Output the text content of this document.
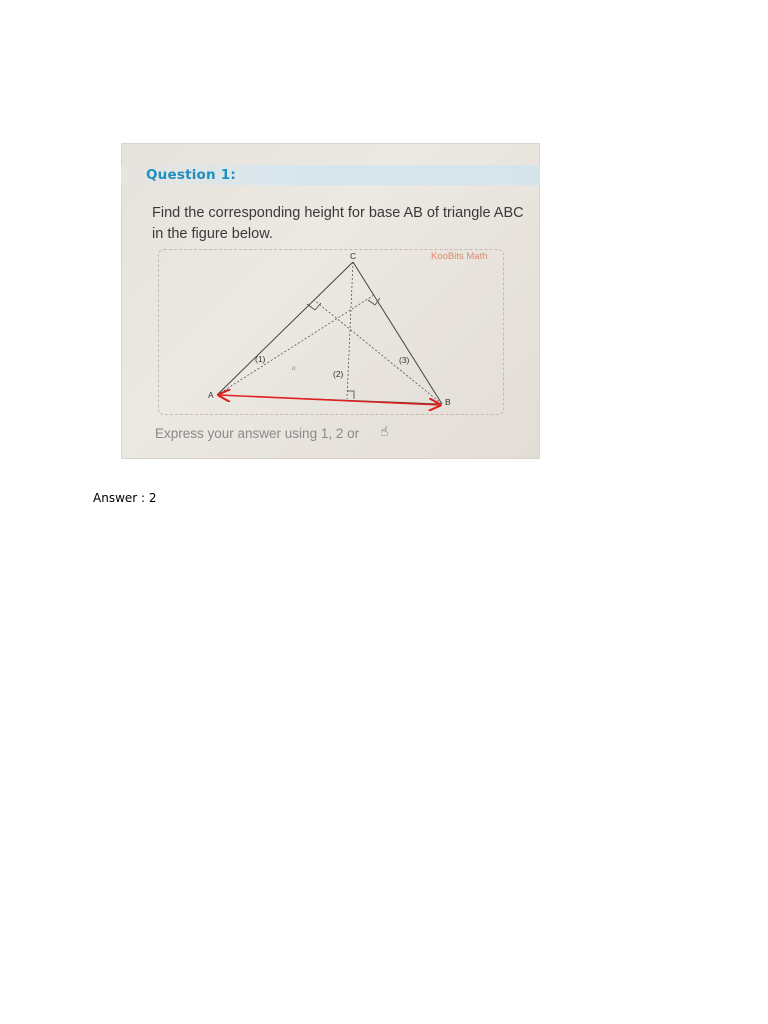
Question 1:
Find the corresponding height for base AB of triangle ABC in the figure below.
KooBits Math
A
B
C
(1)
(2)
(3)
α
Express your answer using 1, 2 or ☝
Answer : 2
